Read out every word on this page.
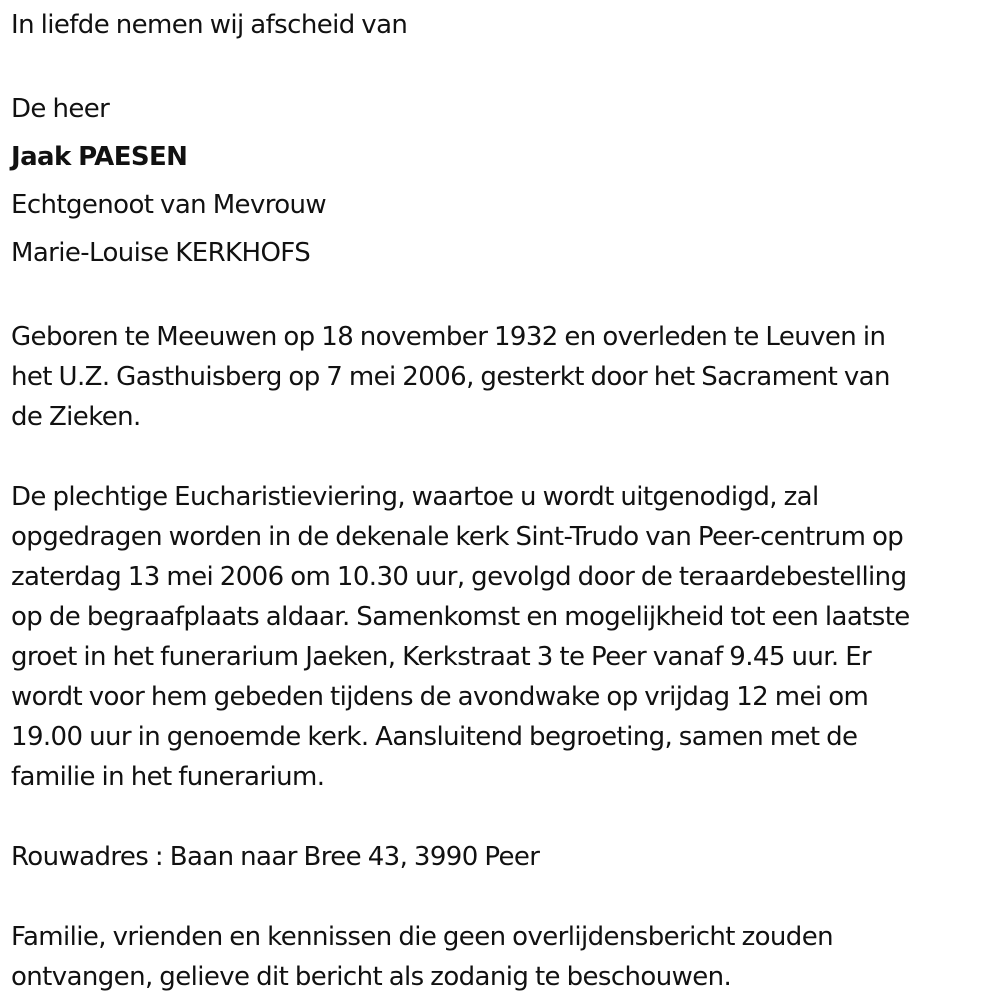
In liefde nemen wij afscheid van
De heer
Jaak PAESEN
Echtgenoot van Mevrouw
Marie-Louise KERKHOFS
Geboren te Meeuwen op 18 november 1932 en overleden te Leuven in
het U.Z. Gasthuisberg op 7 mei 2006, gesterkt door het Sacrament van
de Zieken.
De plechtige Eucharistieviering, waartoe u wordt uitgenodigd, zal
opgedragen worden in de dekenale kerk Sint-Trudo van Peer-centrum op
zaterdag 13 mei 2006 om 10.30 uur, gevolgd door de teraardebestelling
op de begraafplaats aldaar. Samenkomst en mogelijkheid tot een laatste
groet in het funerarium Jaeken, Kerkstraat 3 te Peer vanaf 9.45 uur. Er
wordt voor hem gebeden tijdens de avondwake op vrijdag 12 mei om
19.00 uur in genoemde kerk. Aansluitend begroeting, samen met de
familie in het funerarium.
Rouwadres : Baan naar Bree 43, 3990 Peer
Familie, vrienden en kennissen die geen overlijdensbericht zouden
ontvangen, gelieve dit bericht als zodanig te beschouwen.
